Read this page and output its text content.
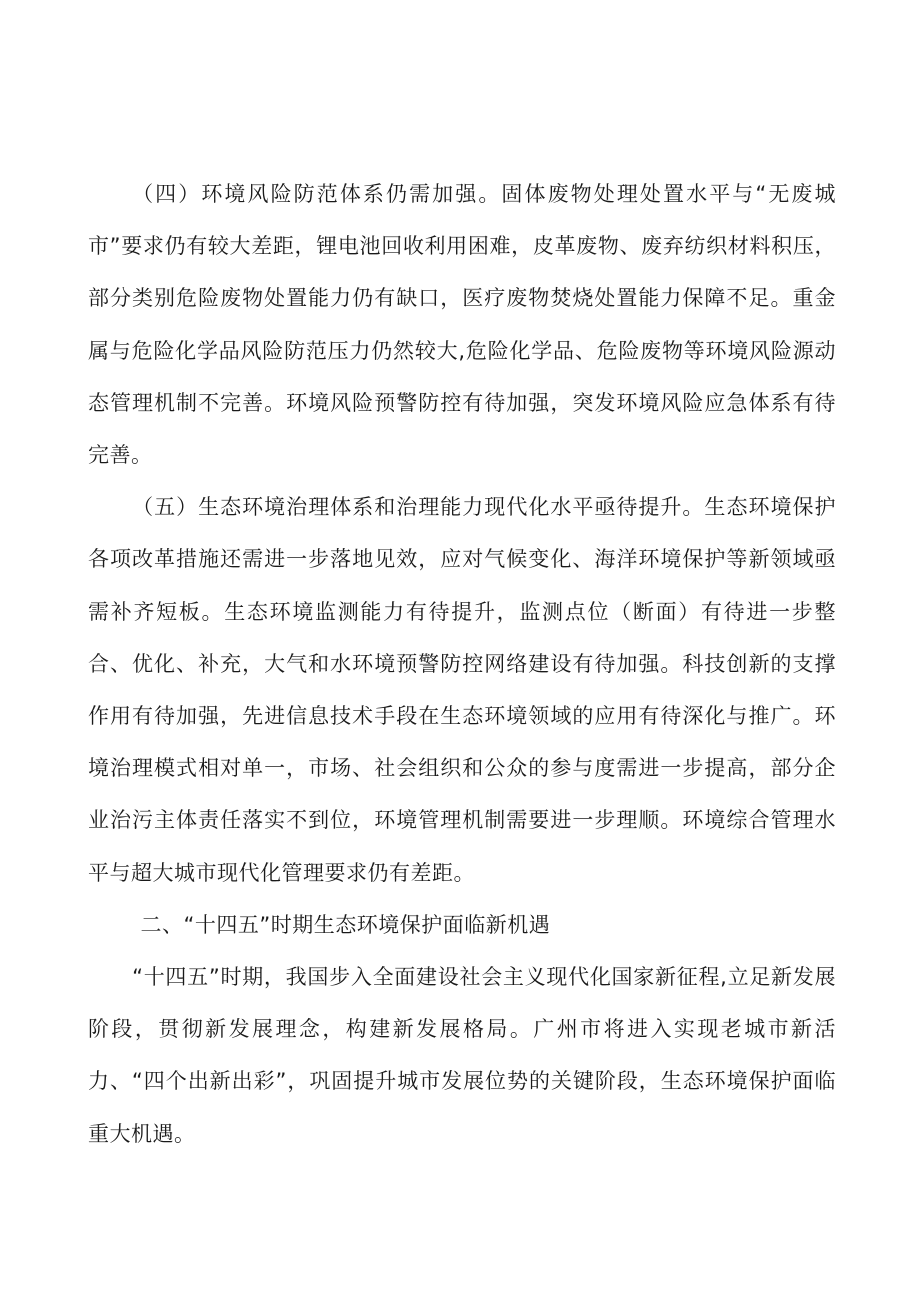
（四）环境风险防范体系仍需加强。固体废物处理处置水平与“无废城市”要求仍有较大差距，锂电池回收利用困难，皮革废物、废弃纺织材料积压，部分类别危险废物处置能力仍有缺口，医疗废物焚烧处置能力保障不足。重金属与危险化学品风险防范压力仍然较大,危险化学品、危险废物等环境风险源动态管理机制不完善。环境风险预警防控有待加强，突发环境风险应急体系有待完善。

（五）生态环境治理体系和治理能力现代化水平亟待提升。生态环境保护各项改革措施还需进一步落地见效，应对气候变化、海洋环境保护等新领域亟需补齐短板。生态环境监测能力有待提升，监测点位（断面）有待进一步整合、优化、补充，大气和水环境预警防控网络建设有待加强。科技创新的支撑作用有待加强，先进信息技术手段在生态环境领域的应用有待深化与推广。环境治理模式相对单一，市场、社会组织和公众的参与度需进一步提高，部分企业治污主体责任落实不到位，环境管理机制需要进一步理顺。环境综合管理水平与超大城市现代化管理要求仍有差距。

二、“十四五”时期生态环境保护面临新机遇

“十四五”时期，我国步入全面建设社会主义现代化国家新征程,立足新发展阶段，贯彻新发展理念，构建新发展格局。广州市将进入实现老城市新活力、“四个出新出彩”，巩固提升城市发展位势的关键阶段，生态环境保护面临重大机遇。
